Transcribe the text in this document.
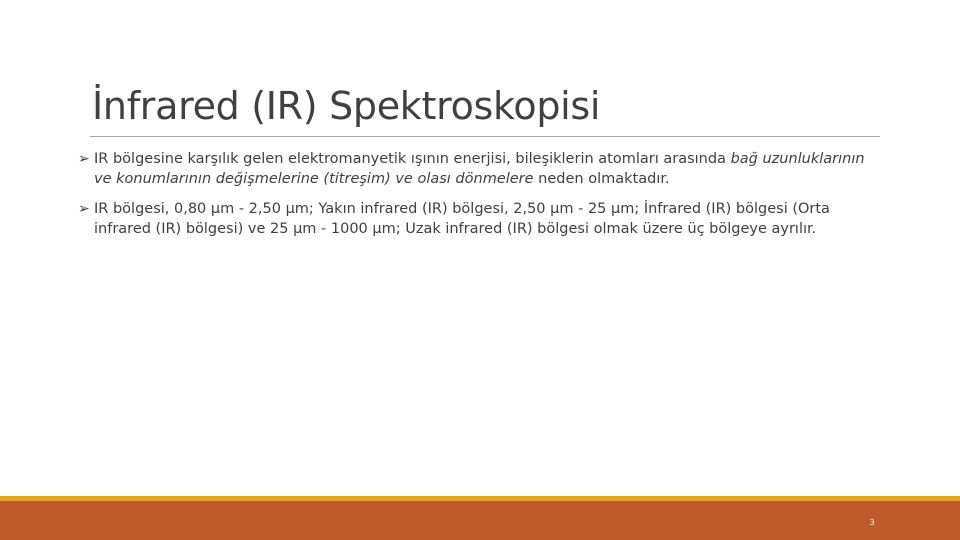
İnfrared (IR) Spektroskopisi
➢ IR bölgesine karşılık gelen elektromanyetik ışının enerjisi, bileşiklerin atomları arasında bağ uzunluklarının ve konumlarının değişmelerine (titreşim) ve olası dönmelere neden olmaktadır.
➢ IR bölgesi, 0,80 µm - 2,50 µm; Yakın infrared (IR) bölgesi, 2,50 µm - 25 µm; İnfrared (IR) bölgesi (Orta infrared (IR) bölgesi) ve 25 µm - 1000 µm; Uzak infrared (IR) bölgesi olmak üzere üç bölgeye ayrılır.
3
